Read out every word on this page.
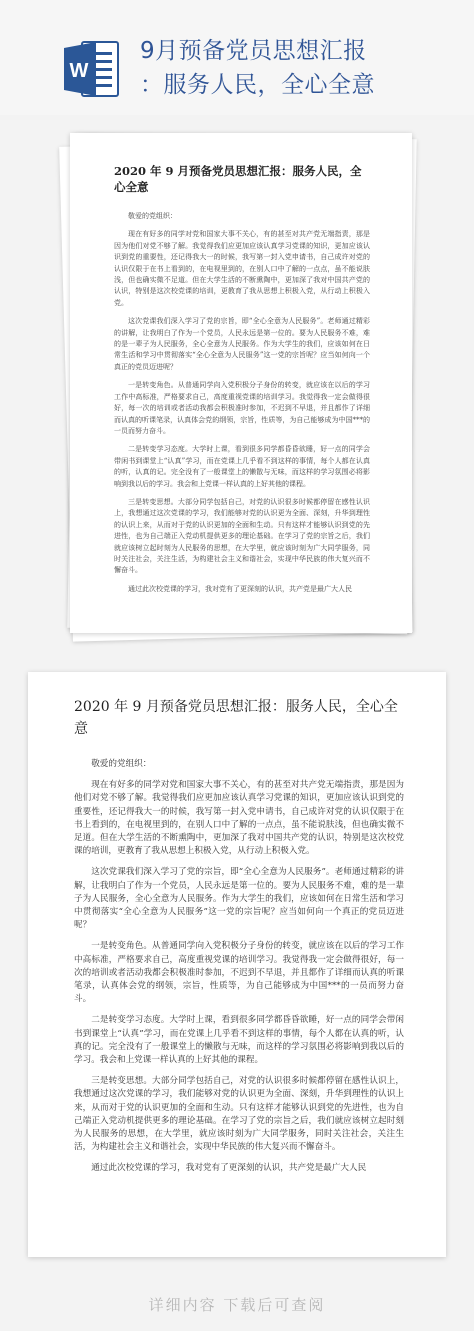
W
9月预备党员思想汇报
：服务人民，全心全意
2020 年 9 月预备党员思想汇报：服务人民，全心全意
敬爱的党组织：
现在有好多的同学对党和国家大事不关心，有的甚至对共产党无端指责，那是因为他们对党不够了解。我觉得我们应更加应该认真学习党课的知识，更加应该认识到党的重要性，还记得我大一的时候，我写第一封入党申请书，自己成许对党的认识仅限于在书上看到的，在电视里到的，在别人口中了解的一点点，虽不能说肤浅，但也确实微不足道。但在大学生活的不断熏陶中，更加深了我对中国共产党的认识，特别是这次校党课的培训，更教育了我从思想上积极入党，从行动上积极入党。
这次党课我们深入学习了党的宗旨，即“全心全意为人民服务”。老师通过精彩的讲解，让我明白了作为一个党员，人民永远是第一位的。要为人民服务不难，难的是一辈子为人民服务，全心全意为人民服务。作为大学生的我们，应该如何在日常生活和学习中贯彻落实“全心全意为人民服务”这一党的宗旨呢？应当如何向一个真正的党员迈进呢？
一是转变角色。从普通同学向入党积极分子身份的转变，就应该在以后的学习工作中高标准，严格要求自己，高度重视党课的培训学习。我觉得我一定会做得很好，每一次的培训或者活动我都会积极准时参加，不迟到不早退，并且都作了详细而认真的听课笔录，认真体会党的纲领，宗旨，性质等，为自己能够成为中国***的一员而努力奋斗。
二是转变学习态度。大学时上课，看到很多同学都昏昏欲睡，好一点的同学会带闲书到课堂上“认真”学习，而在党课上几乎看不到这样的事情，每个人都在认真的听，认真的记。完全没有了一般课堂上的懒散与无味，而这样的学习氛围必将影响到我以后的学习。我会和上党课一样认真的上好其他的课程。
三是转变思想。大部分同学包括自己，对党的认识很多时候都停留在感性认识上，我想通过这次党课的学习，我们能够对党的认识更为全面、深刻，升华到理性的认识上来，从而对于党的认识更加的全面和生动。只有这样才能够认识到党的先进性，也为自己端正入党动机提供更多的理论基础。在学习了党的宗旨之后，我们就应该树立起时刻为人民服务的思想，在大学里，就应该时刻为广大同学服务，同时关注社会，关注生活，为构建社会主义和谐社会，实现中华民族的伟大复兴而不懈奋斗。
通过此次校党课的学习，我对党有了更深刻的认识，共产党是最广大人民
2020 年 9 月预备党员思想汇报：服务人民，全心全意
敬爱的党组织：
现在有好多的同学对党和国家大事不关心，有的甚至对共产党无端指责，那是因为他们对党不够了解。我觉得我们应更加应该认真学习党课的知识，更加应该认识到党的重要性，还记得我大一的时候，我写第一封入党申请书，自己成许对党的认识仅限于在书上看到的，在电视里到的，在别人口中了解的一点点，虽不能说肤浅，但也确实微不足道。但在大学生活的不断熏陶中，更加深了我对中国共产党的认识，特别是这次校党课的培训，更教育了我从思想上积极入党，从行动上积极入党。
这次党课我们深入学习了党的宗旨，即“全心全意为人民服务”。老师通过精彩的讲解，让我明白了作为一个党员，人民永远是第一位的。要为人民服务不难，难的是一辈子为人民服务，全心全意为人民服务。作为大学生的我们，应该如何在日常生活和学习中贯彻落实“全心全意为人民服务”这一党的宗旨呢？应当如何向一个真正的党员迈进呢？
一是转变角色。从普通同学向入党积极分子身份的转变，就应该在以后的学习工作中高标准，严格要求自己，高度重视党课的培训学习。我觉得我一定会做得很好，每一次的培训或者活动我都会积极准时参加，不迟到不早退，并且都作了详细而认真的听课笔录，认真体会党的纲领，宗旨，性质等，为自己能够成为中国***的一员而努力奋斗。
二是转变学习态度。大学时上课，看到很多同学都昏昏欲睡，好一点的同学会带闲书到课堂上“认真”学习，而在党课上几乎看不到这样的事情，每个人都在认真的听，认真的记。完全没有了一般课堂上的懒散与无味，而这样的学习氛围必将影响到我以后的学习。我会和上党课一样认真的上好其他的课程。
三是转变思想。大部分同学包括自己，对党的认识很多时候都停留在感性认识上，我想通过这次党课的学习，我们能够对党的认识更为全面、深刻，升华到理性的认识上来，从而对于党的认识更加的全面和生动。只有这样才能够认识到党的先进性，也为自己端正入党动机提供更多的理论基础。在学习了党的宗旨之后，我们就应该树立起时刻为人民服务的思想，在大学里，就应该时刻为广大同学服务，同时关注社会，关注生活，为构建社会主义和谐社会，实现中华民族的伟大复兴而不懈奋斗。
通过此次校党课的学习，我对党有了更深刻的认识，共产党是最广大人民
详细内容 下载后可查阅
